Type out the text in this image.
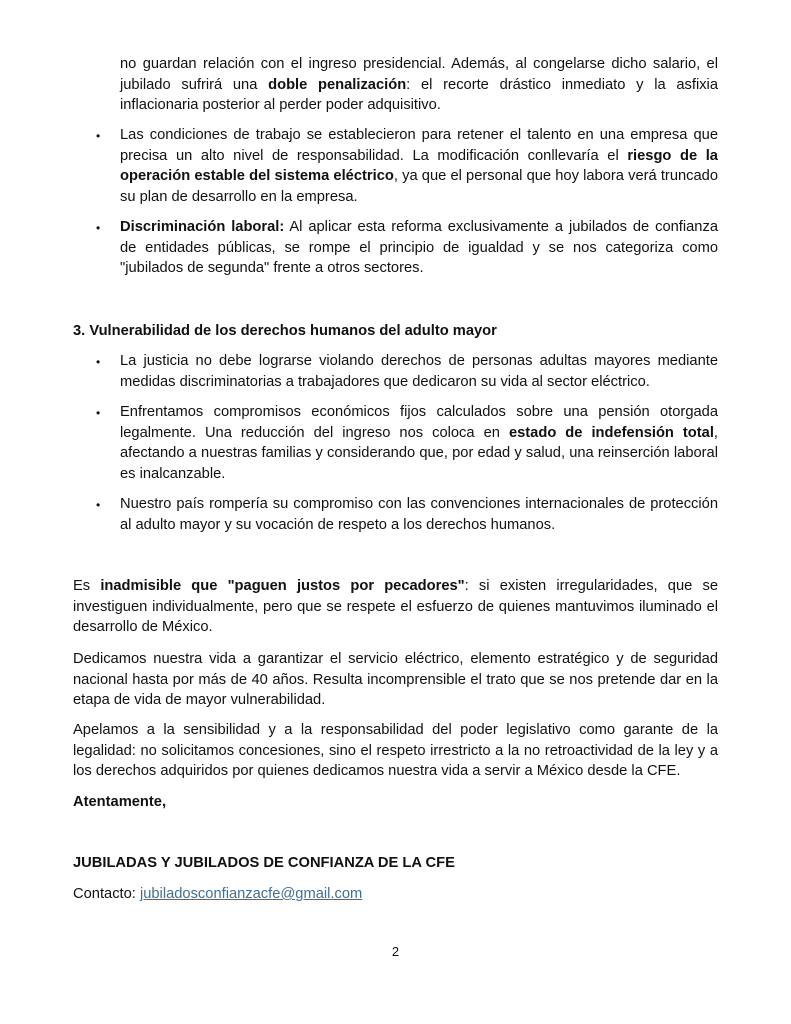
no guardan relación con el ingreso presidencial. Además, al congelarse dicho salario, el jubilado sufrirá una doble penalización: el recorte drástico inmediato y la asfixia inflacionaria posterior al perder poder adquisitivo.

• Las condiciones de trabajo se establecieron para retener el talento en una empresa que precisa un alto nivel de responsabilidad. La modificación conllevaría el riesgo de la operación estable del sistema eléctrico, ya que el personal que hoy labora verá truncado su plan de desarrollo en la empresa.

• Discriminación laboral: Al aplicar esta reforma exclusivamente a jubilados de confianza de entidades públicas, se rompe el principio de igualdad y se nos categoriza como "jubilados de segunda" frente a otros sectores.

3. Vulnerabilidad de los derechos humanos del adulto mayor
• La justicia no debe lograrse violando derechos de personas adultas mayores mediante medidas discriminatorias a trabajadores que dedicaron su vida al sector eléctrico.

• Enfrentamos compromisos económicos fijos calculados sobre una pensión otorgada legalmente. Una reducción del ingreso nos coloca en estado de indefensión total, afectando a nuestras familias y considerando que, por edad y salud, una reinserción laboral es inalcanzable.

• Nuestro país rompería su compromiso con las convenciones internacionales de protección al adulto mayor y su vocación de respeto a los derechos humanos.

Es inadmisible que "paguen justos por pecadores": si existen irregularidades, que se investiguen individualmente, pero que se respete el esfuerzo de quienes mantuvimos iluminado el desarrollo de México.

Dedicamos nuestra vida a garantizar el servicio eléctrico, elemento estratégico y de seguridad nacional hasta por más de 40 años. Resulta incomprensible el trato que se nos pretende dar en la etapa de vida de mayor vulnerabilidad.

Apelamos a la sensibilidad y a la responsabilidad del poder legislativo como garante de la legalidad: no solicitamos concesiones, sino el respeto irrestricto a la no retroactividad de la ley y a los derechos adquiridos por quienes dedicamos nuestra vida a servir a México desde la CFE.

Atentamente,
JUBILADAS Y JUBILADOS DE CONFIANZA DE LA CFE

Contacto: jubiladosconfianzacfe@gmail.com

2
